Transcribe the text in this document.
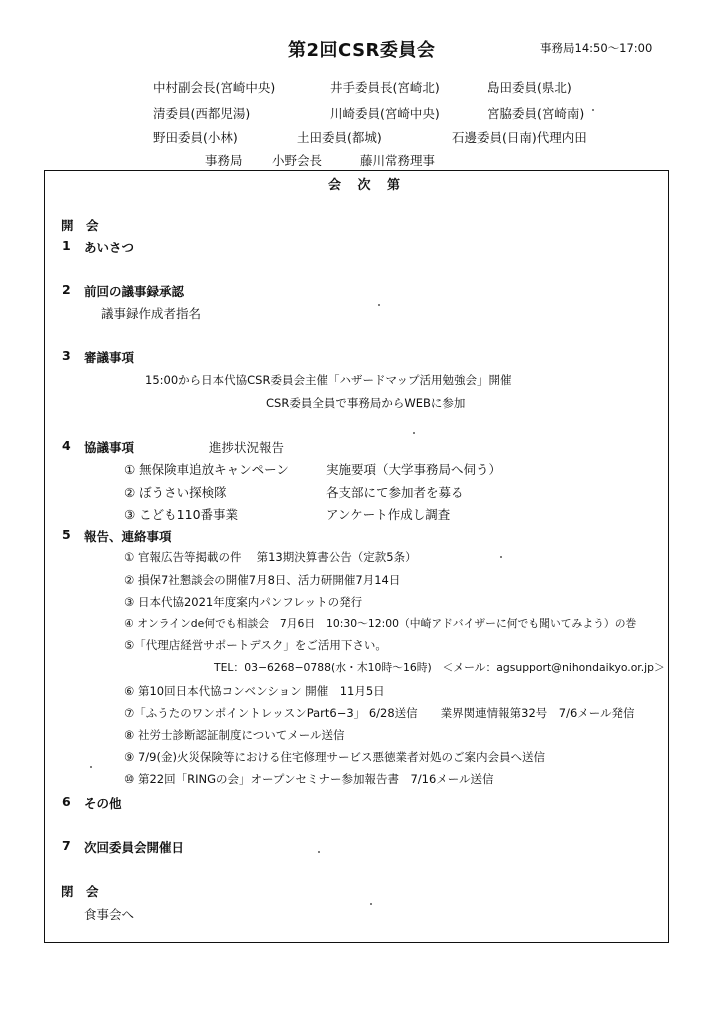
第2回CSR委員会	事務局14:50〜17:00
中村副会長(宮崎中央)	井手委員長(宮崎北)	島田委員(県北)
清委員(西都児湯)	川崎委員(宮崎中央)	宮脇委員(宮崎南)
野田委員(小林)	土田委員(都城)	石邊委員(日南)代理内田
事務局 小野会長	藤川常務理事
会 次 第
開　会
1 あいさつ
2 前回の議事録承認
議事録作成者指名
3 審議事項
15:00から日本代協CSR委員会主催「ハザードマップ活用勉強会」開催
CSR委員全員で事務局からWEBに参加
4 協議事項	進捗状況報告
① 無保険車追放キャンペーン	実施要項（大学事務局へ伺う）
② ぼうさい探検隊	各支部にて参加者を募る
③ こども110番事業	アンケート作成し調査
5 報告、連絡事項
① 官報広告等掲載の件　 第13期決算書公告（定款5条）
② 損保7社懇談会の開催7月8日、活力研開催7月14日
③ 日本代協2021年度案内パンフレットの発行
④ オンラインde何でも相談会　7月6日　10:30〜12:00（中崎アドバイザーに何でも聞いてみよう）の巻
⑤「代理店経営サポートデスク」をご活用下さい。
TEL：03−6268−0788(水・木10時〜16時)　＜メール：agsupport@nihondaikyo.or.jp＞
⑥ 第10回日本代協コンベンション 開催　11月5日
⑦「ふうたのワンポイントレッスンPart6−3」 6/28送信　　業界関連情報第32号　7/6メール発信
⑧ 社労士診断認証制度についてメール送信
⑨ 7/9(金)火災保険等における住宅修理サービス悪徳業者対処のご案内会員へ送信
⑩ 第22回「RINGの会」オープンセミナー参加報告書　7/16メール送信
6 その他
7 次回委員会開催日
閉　会
食事会へ
